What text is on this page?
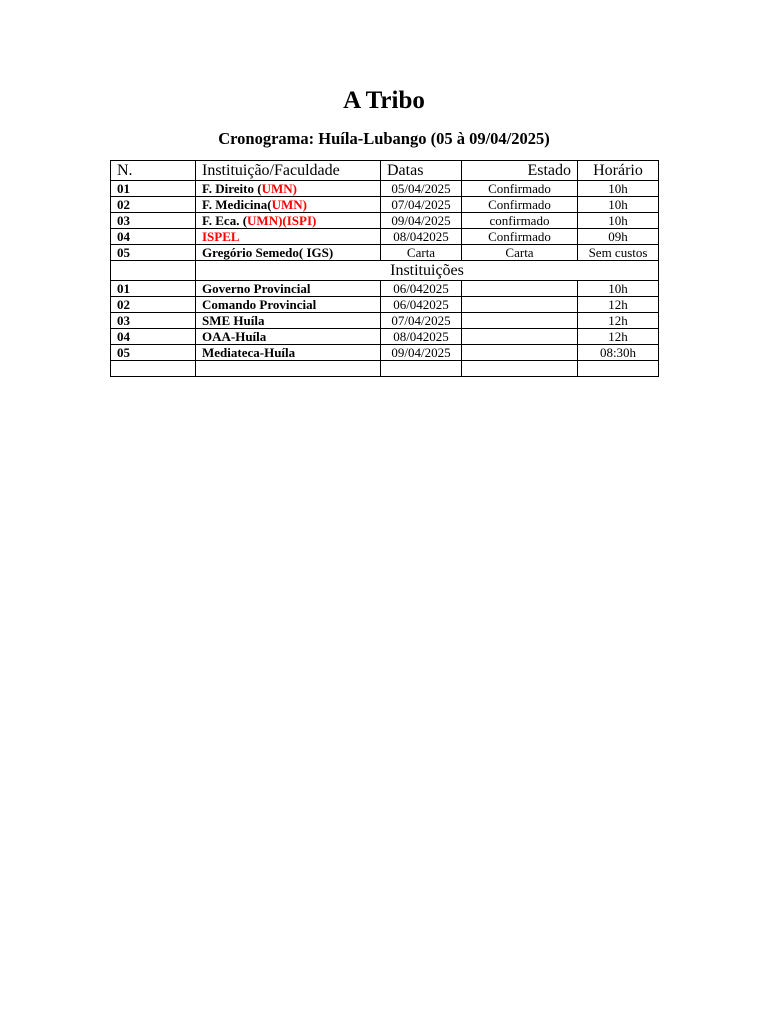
A Tribo
Cronograma: Huíla-Lubango (05 à 09/04/2025)
N.	Instituição/Faculdade	Datas	Estado	Horário
01	F. Direito (UMN)	05/04/2025	Confirmado	10h
02	F. Medicina(UMN)	07/04/2025	Confirmado	10h
03	F. Eca. (UMN)(ISPI)	09/04/2025	confirmado	10h
04	ISPEL	08/042025	Confirmado	09h
05	Gregório Semedo( IGS)	Carta	Carta	Sem custos
	Instituições			
01	Governo Provincial	06/042025		10h
02	Comando Provincial	06/042025		12h
03	SME Huíla	07/04/2025		12h
04	OAA-Huíla	08/042025		12h
05	Mediateca-Huíla	09/04/2025		08:30h
